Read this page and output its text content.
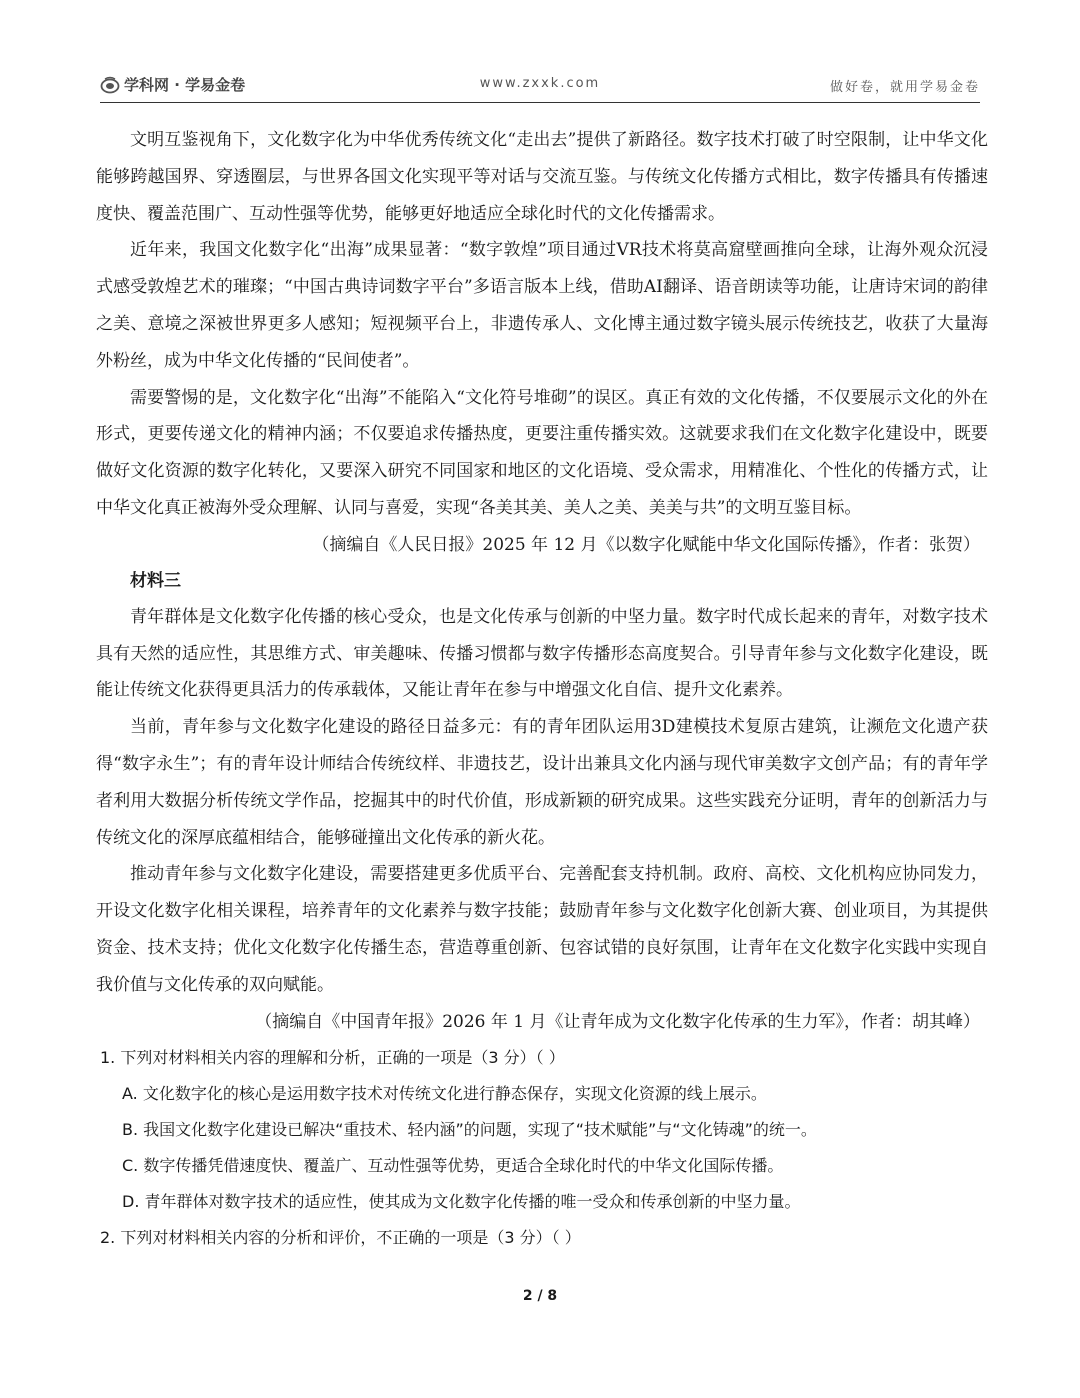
学科网 · 学易金卷	www.zxxk.com	做好卷，就用学易金卷

文明互鉴视角下，文化数字化为中华优秀传统文化“走出去”提供了新路径。数字技术打破了时空限制，让中华文化能够跨越国界、穿透圈层，与世界各国文化实现平等对话与交流互鉴。与传统文化传播方式相比，数字传播具有传播速度快、覆盖范围广、互动性强等优势，能够更好地适应全球化时代的文化传播需求。

近年来，我国文化数字化“出海”成果显著：“数字敦煌”项目通过VR技术将莫高窟壁画推向全球，让海外观众沉浸式感受敦煌艺术的璀璨；“中国古典诗词数字平台”多语言版本上线，借助AI翻译、语音朗读等功能，让唐诗宋词的韵律之美、意境之深被世界更多人感知；短视频平台上，非遗传承人、文化博主通过数字镜头展示传统技艺，收获了大量海外粉丝，成为中华文化传播的“民间使者”。

需要警惕的是，文化数字化“出海”不能陷入“文化符号堆砌”的误区。真正有效的文化传播，不仅要展示文化的外在形式，更要传递文化的精神内涵；不仅要追求传播热度，更要注重传播实效。这就要求我们在文化数字化建设中，既要做好文化资源的数字化转化，又要深入研究不同国家和地区的文化语境、受众需求，用精准化、个性化的传播方式，让中华文化真正被海外受众理解、认同与喜爱，实现“各美其美、美人之美、美美与共”的文明互鉴目标。

（摘编自《人民日报》2025 年 12 月《以数字化赋能中华文化国际传播》，作者：张贺）

材料三

青年群体是文化数字化传播的核心受众，也是文化传承与创新的中坚力量。数字时代成长起来的青年，对数字技术具有天然的适应性，其思维方式、审美趣味、传播习惯都与数字传播形态高度契合。引导青年参与文化数字化建设，既能让传统文化获得更具活力的传承载体，又能让青年在参与中增强文化自信、提升文化素养。

当前，青年参与文化数字化建设的路径日益多元：有的青年团队运用3D建模技术复原古建筑，让濒危文化遗产获得“数字永生”；有的青年设计师结合传统纹样、非遗技艺，设计出兼具文化内涵与现代审美数字文创产品；有的青年学者利用大数据分析传统文学作品，挖掘其中的时代价值，形成新颖的研究成果。这些实践充分证明，青年的创新活力与传统文化的深厚底蕴相结合，能够碰撞出文化传承的新火花。

推动青年参与文化数字化建设，需要搭建更多优质平台、完善配套支持机制。政府、高校、文化机构应协同发力，开设文化数字化相关课程，培养青年的文化素养与数字技能；鼓励青年参与文化数字化创新大赛、创业项目，为其提供资金、技术支持；优化文化数字化传播生态，营造尊重创新、包容试错的良好氛围，让青年在文化数字化实践中实现自我价值与文化传承的双向赋能。

（摘编自《中国青年报》2026 年 1 月《让青年成为文化数字化传承的生力军》，作者：胡其峰）

1. 下列对材料相关内容的理解和分析，正确的一项是（3 分）（ ）

A. 文化数字化的核心是运用数字技术对传统文化进行静态保存，实现文化资源的线上展示。

B. 我国文化数字化建设已解决“重技术、轻内涵”的问题，实现了“技术赋能”与“文化铸魂”的统一。

C. 数字传播凭借速度快、覆盖广、互动性强等优势，更适合全球化时代的中华文化国际传播。

D. 青年群体对数字技术的适应性，使其成为文化数字化传播的唯一受众和传承创新的中坚力量。

2. 下列对材料相关内容的分析和评价，不正确的一项是（3 分）（ ）

2 / 8
